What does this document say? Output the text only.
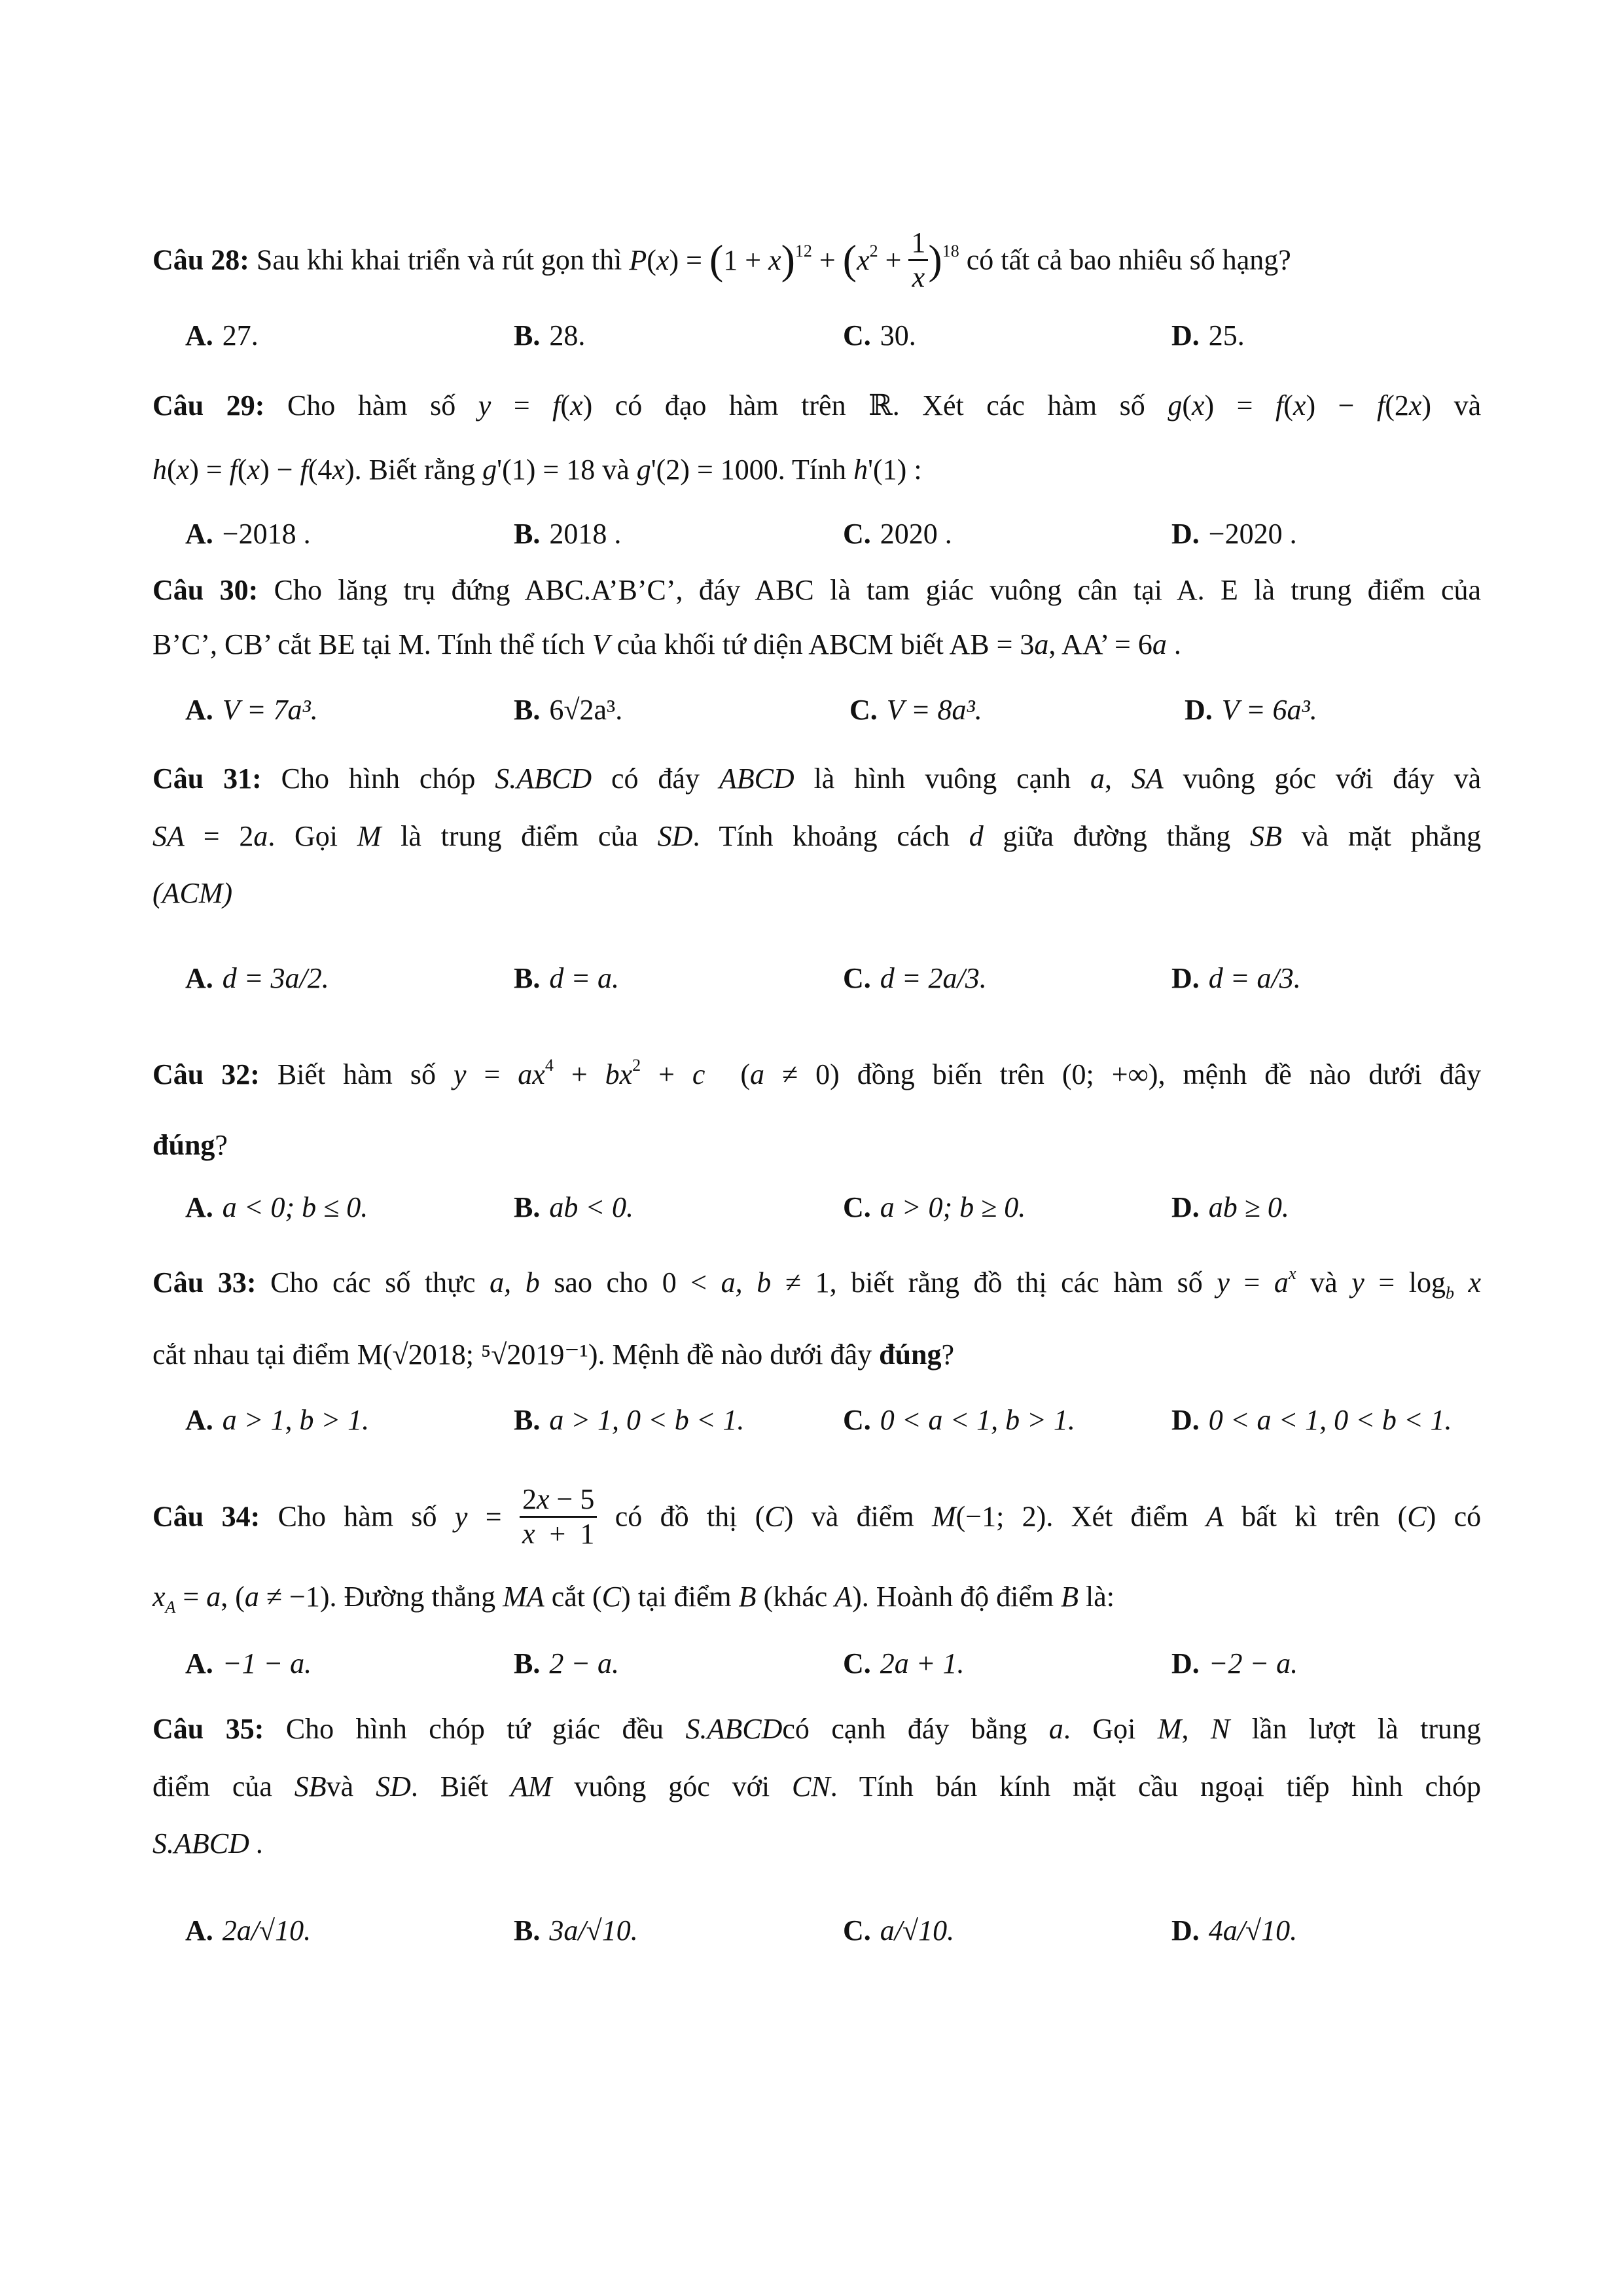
Câu 28: Sau khi khai triển và rút gọn thì $P(x) = (1 + x)^{12} + (x^2 + \frac{1}{x} )^{18}$ có tất cả bao nhiêu số hạng?
A. 27.	B. 28.	C. 30.	D. 25.
Câu 29: Cho hàm số y = f(x) có đạo hàm trên ℝ. Xét các hàm số g(x) = f(x) − f(2x) và
h(x) = f(x) − f(4x). Biết rằng g'(1) = 18 và g'(2) = 1000. Tính h'(1) :
A. −2018 .	B. 2018 .	C. 2020 .	D. −2020 .
Câu 30: Cho lăng trụ đứng ABC.A’B’C’, đáy ABC là tam giác vuông cân tại A. E là trung điểm của
B’C’, CB’ cắt BE tại M. Tính thể tích V của khối tứ diện ABCM biết AB = 3a, AA’ = 6a .
A. V = 7a³.	B. 6√2a³.	C. V = 8a³.	D. V = 6a³.
Câu 31: Cho hình chóp S.ABCD có đáy ABCD là hình vuông cạnh a, SA vuông góc với đáy và
SA = 2a. Gọi M là trung điểm của SD. Tính khoảng cách d giữa đường thẳng SB và mặt phẳng
(ACM)
A. d = 3a/2.	B. d = a.	C. d = 2a/3.	D. d = a/3.
Câu 32: Biết hàm số $y = ax^4 + bx^2 + c$  (a ≠ 0) đồng biến trên (0; +∞), mệnh đề nào dưới đây
đúng?
A. a < 0; b ≤ 0.	B. ab < 0.	C. a > 0; b ≥ 0.	D. ab ≥ 0.
Câu 33: Cho các số thực a, b sao cho 0 < a, b ≠ 1, biết rằng đồ thị các hàm số $y = a^x$ và $y = \log_b x$
cắt nhau tại điểm M(√2018; ⁵√2019⁻¹). Mệnh đề nào dưới đây đúng?
A. a > 1, b > 1.	B. a > 1, 0 < b < 1.	C. 0 < a < 1, b > 1.	D. 0 < a < 1, 0 < b < 1.
Câu 34: Cho hàm số $y = \frac{2x - 5}{x + 1}$ có đồ thị (C) và điểm M(−1; 2). Xét điểm A bất kì trên (C) có
$x_A = a$, (a ≠ −1). Đường thẳng MA cắt (C) tại điểm B (khác A). Hoành độ điểm B là:
A. −1 − a.	B. 2 − a.	C. 2a + 1.	D. −2 − a.
Câu 35: Cho hình chóp tứ giác đều S.ABCDcó cạnh đáy bằng a. Gọi M, N lần lượt là trung
điểm của SBvà SD. Biết AM vuông góc với CN. Tính bán kính mặt cầu ngoại tiếp hình chóp
S.ABCD .
A. 2a/√10.	B. 3a/√10.	C. a/√10.	D. 4a/√10.
